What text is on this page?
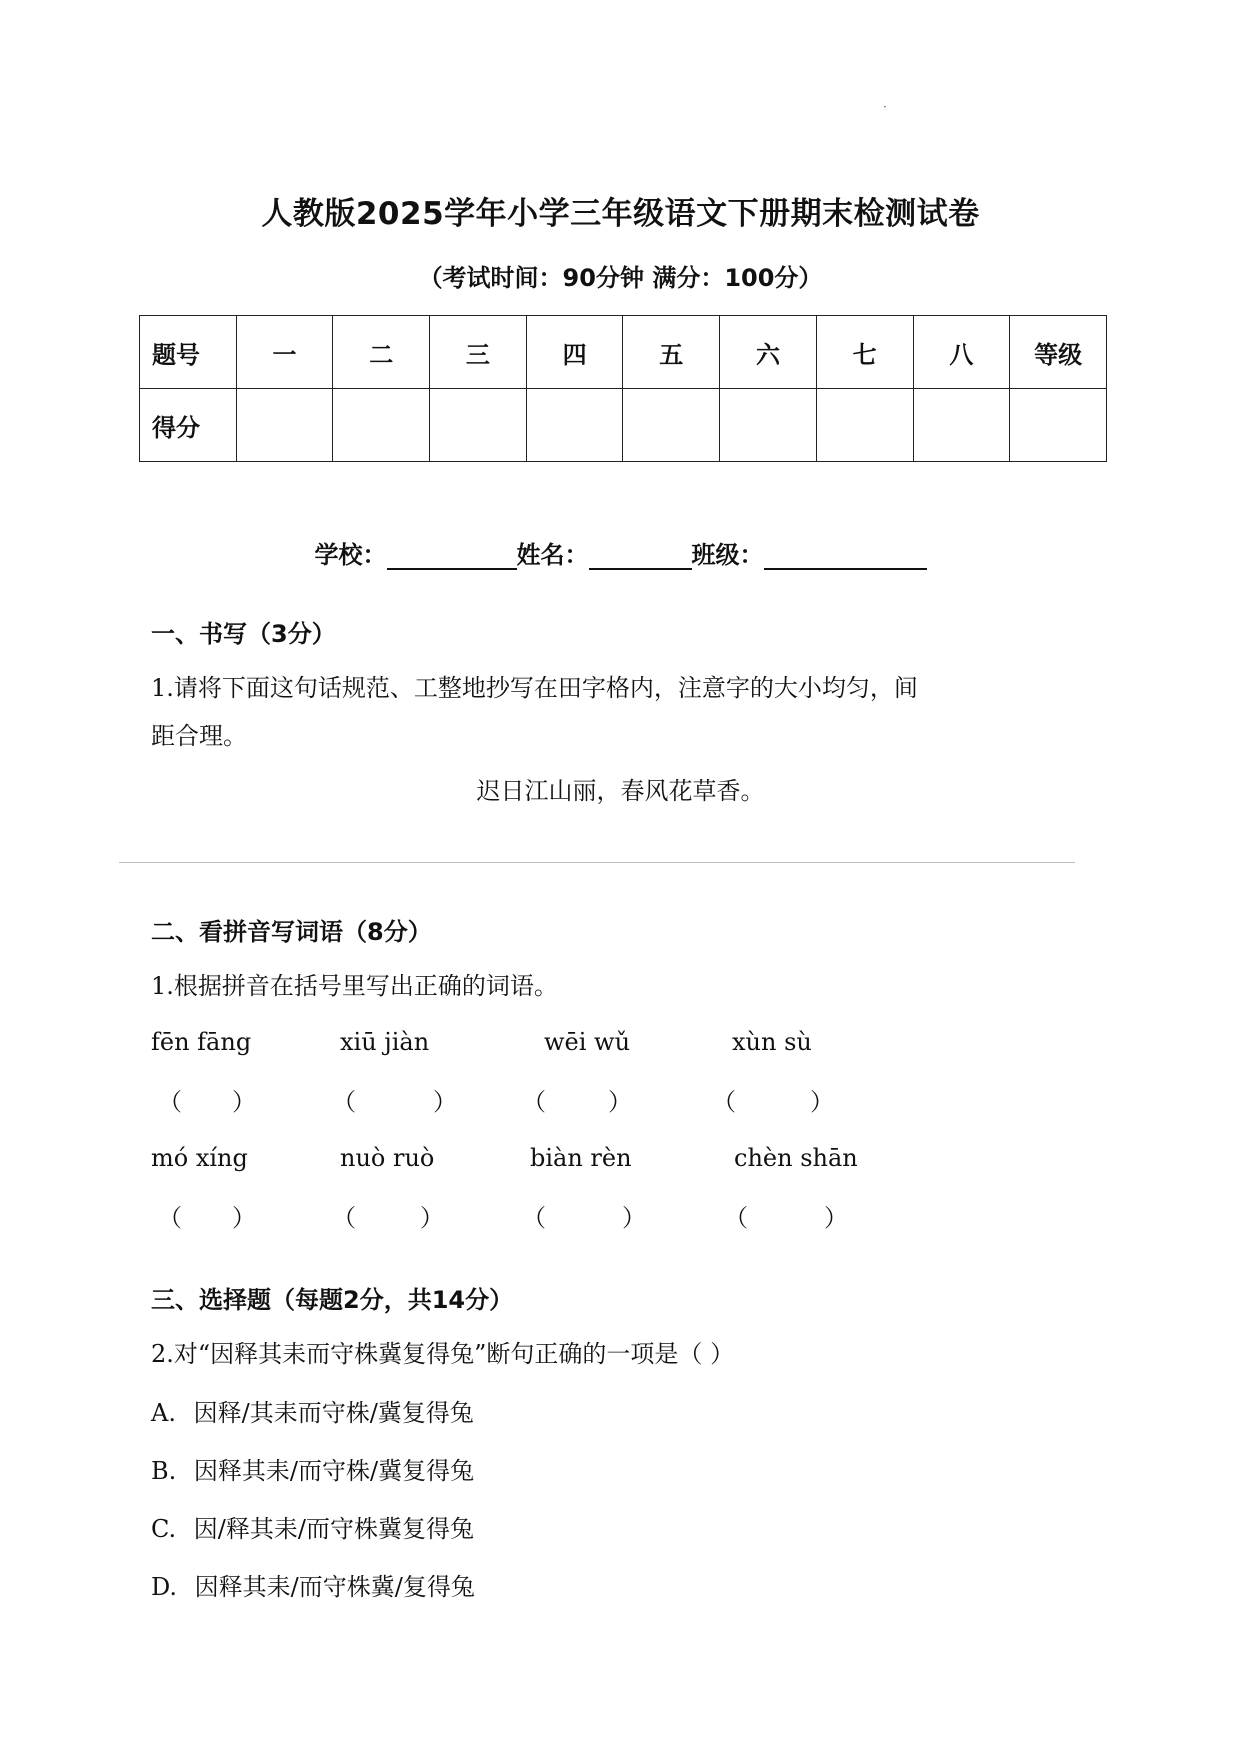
·
人教版2025学年小学三年级语文下册期末检测试卷
（考试时间：90分钟 满分：100分）
题号	一	二	三	四	五	六	七	八	等级
得分									
学校：	姓名：	班级：
一、书写（3分）
1.请将下面这句话规范、工整地抄写在田字格内，注意字的大小均匀，间
距合理。
迟日江山丽，春风花草香。
二、看拼音写词语（8分）
1.根据拼音在括号里写出正确的词语。
fēn fāng	xiū jiàn	wēi wǔ	xùn sù
（ ）	（	）	（	）	（	）
mó xíng	nuò ruò	biàn rèn	chèn shān
（ ）	（	）	（	）	（	）
三、选择题（每题2分，共14分）
2.对“因释其耒而守株冀复得兔”断句正确的一项是（ ）
A. 因释/其耒而守株/冀复得兔
B. 因释其耒/而守株/冀复得兔
C. 因/释其耒/而守株冀复得兔
D. 因释其耒/而守株冀/复得兔
